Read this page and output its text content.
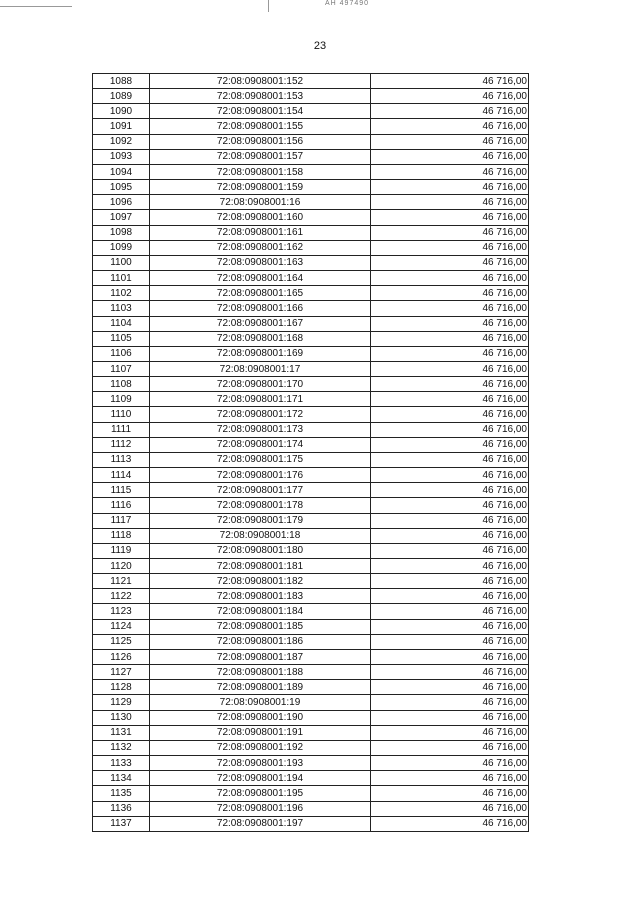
AH 497490
23
1088	72:08:0908001:152	46 716,00
1089	72:08:0908001:153	46 716,00
1090	72:08:0908001:154	46 716,00
1091	72:08:0908001:155	46 716,00
1092	72:08:0908001:156	46 716,00
1093	72:08:0908001:157	46 716,00
1094	72:08:0908001:158	46 716,00
1095	72:08:0908001:159	46 716,00
1096	72:08:0908001:16	46 716,00
1097	72:08:0908001:160	46 716,00
1098	72:08:0908001:161	46 716,00
1099	72:08:0908001:162	46 716,00
1100	72:08:0908001:163	46 716,00
1101	72:08:0908001:164	46 716,00
1102	72:08:0908001:165	46 716,00
1103	72:08:0908001:166	46 716,00
1104	72:08:0908001:167	46 716,00
1105	72:08:0908001:168	46 716,00
1106	72:08:0908001:169	46 716,00
1107	72:08:0908001:17	46 716,00
1108	72:08:0908001:170	46 716,00
1109	72:08:0908001:171	46 716,00
1110	72:08:0908001:172	46 716,00
1111	72:08:0908001:173	46 716,00
1112	72:08:0908001:174	46 716,00
1113	72:08:0908001:175	46 716,00
1114	72:08:0908001:176	46 716,00
1115	72:08:0908001:177	46 716,00
1116	72:08:0908001:178	46 716,00
1117	72:08:0908001:179	46 716,00
1118	72:08:0908001:18	46 716,00
1119	72:08:0908001:180	46 716,00
1120	72:08:0908001:181	46 716,00
1121	72:08:0908001:182	46 716,00
1122	72:08:0908001:183	46 716,00
1123	72:08:0908001:184	46 716,00
1124	72:08:0908001:185	46 716,00
1125	72:08:0908001:186	46 716,00
1126	72:08:0908001:187	46 716,00
1127	72:08:0908001:188	46 716,00
1128	72:08:0908001:189	46 716,00
1129	72:08:0908001:19	46 716,00
1130	72:08:0908001:190	46 716,00
1131	72:08:0908001:191	46 716,00
1132	72:08:0908001:192	46 716,00
1133	72:08:0908001:193	46 716,00
1134	72:08:0908001:194	46 716,00
1135	72:08:0908001:195	46 716,00
1136	72:08:0908001:196	46 716,00
1137	72:08:0908001:197	46 716,00
